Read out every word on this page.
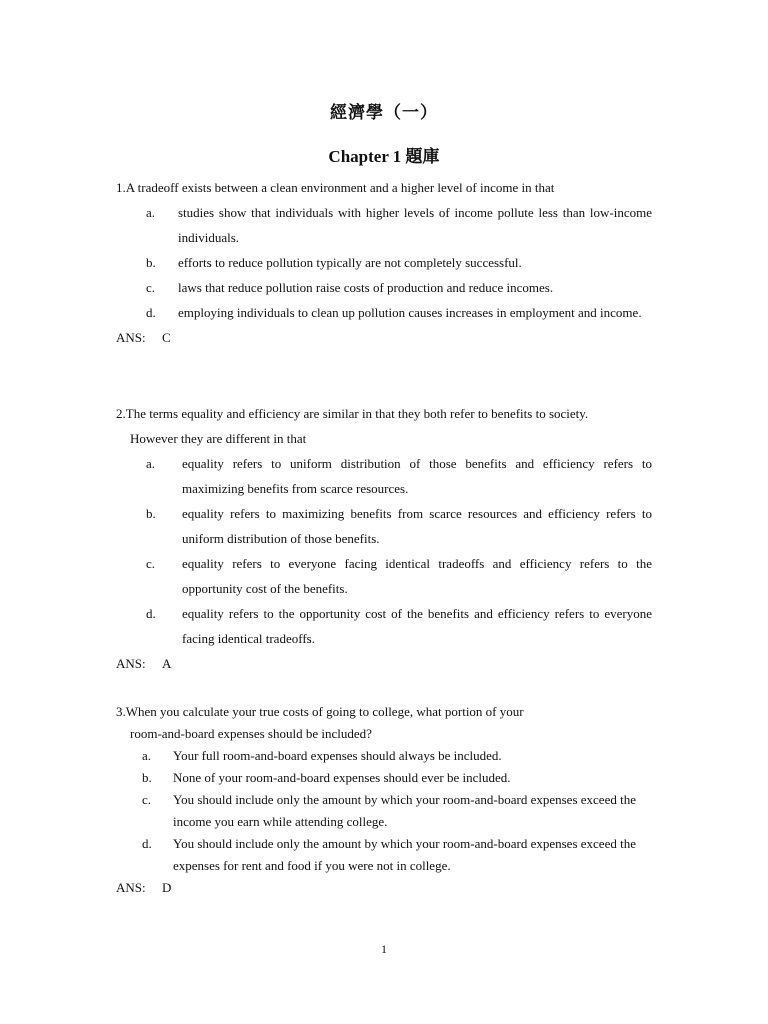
經濟學（一）
Chapter 1 題庫

1.A tradeoff exists between a clean environment and a higher level of income in that

a. studies show that individuals with higher levels of income pollute less than low-income individuals.

b. efforts to reduce pollution typically are not completely successful.

c. laws that reduce pollution raise costs of production and reduce incomes.

d. employing individuals to clean up pollution causes increases in employment and income.

ANS: C

2.The terms equality and efficiency are similar in that they both refer to benefits to society.
However they are different in that

a. equality refers to uniform distribution of those benefits and efficiency refers to maximizing benefits from scarce resources.

b. equality refers to maximizing benefits from scarce resources and efficiency refers to uniform distribution of those benefits.

c. equality refers to everyone facing identical tradeoffs and efficiency refers to the opportunity cost of the benefits.

d. equality refers to the opportunity cost of the benefits and efficiency refers to everyone facing identical tradeoffs.

ANS: A

3.When you calculate your true costs of going to college, what portion of your
room-and-board expenses should be included?

a. Your full room-and-board expenses should always be included.

b. None of your room-and-board expenses should ever be included.

c. You should include only the amount by which your room-and-board expenses exceed the income you earn while attending college.

d. You should include only the amount by which your room-and-board expenses exceed the expenses for rent and food if you were not in college.

ANS: D

1
